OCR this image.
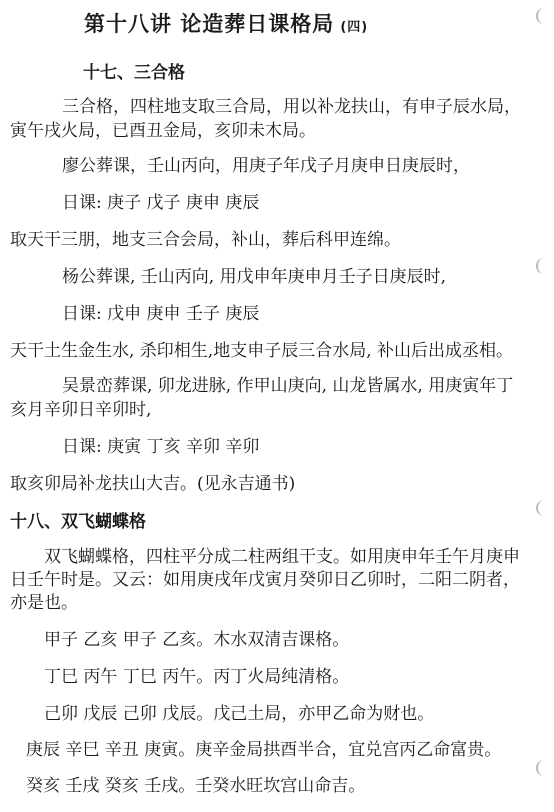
第十八讲 论造葬日课格局 (四)
十七、三合格
三合格，四柱地支取三合局，用以补龙扶山，有申子辰水局，
寅午戌火局，已酉丑金局，亥卯未木局。
廖公葬课，壬山丙向，用庚子年戊子月庚申日庚辰时，
日课: 庚子 戊子 庚申 庚辰
取天干三朋，地支三合会局，补山，葬后科甲连绵。
杨公葬课, 壬山丙向, 用戊申年庚申月壬子日庚辰时,
日课: 戊申 庚申 壬子 庚辰
天干土生金生水, 杀印相生,地支申子辰三合水局, 补山后出成丞相。
吴景峦葬课, 卯龙进脉, 作甲山庚向, 山龙皆属水, 用庚寅年丁
亥月辛卯日辛卯时,
日课: 庚寅 丁亥 辛卯 辛卯
取亥卯局补龙扶山大吉。(见永吉通书)
十八、双飞蝴蝶格
双飞蝴蝶格，四柱平分成二柱两组干支。如用庚申年壬午月庚申
日壬午时是。又云：如用庚戌年戊寅月癸卯日乙卯时，二阳二阴者，
亦是也。
甲子 乙亥 甲子 乙亥。木水双清吉课格。
丁巳 丙午 丁巳 丙午。丙丁火局纯清格。
己卯 戊辰 己卯 戊辰。戊己土局，亦甲乙命为财也。
庚辰 辛巳 辛丑 庚寅。庚辛金局拱酉半合，宜兑宫丙乙命富贵。
癸亥 壬戌 癸亥 壬戌。壬癸水旺坎宫山命吉。
